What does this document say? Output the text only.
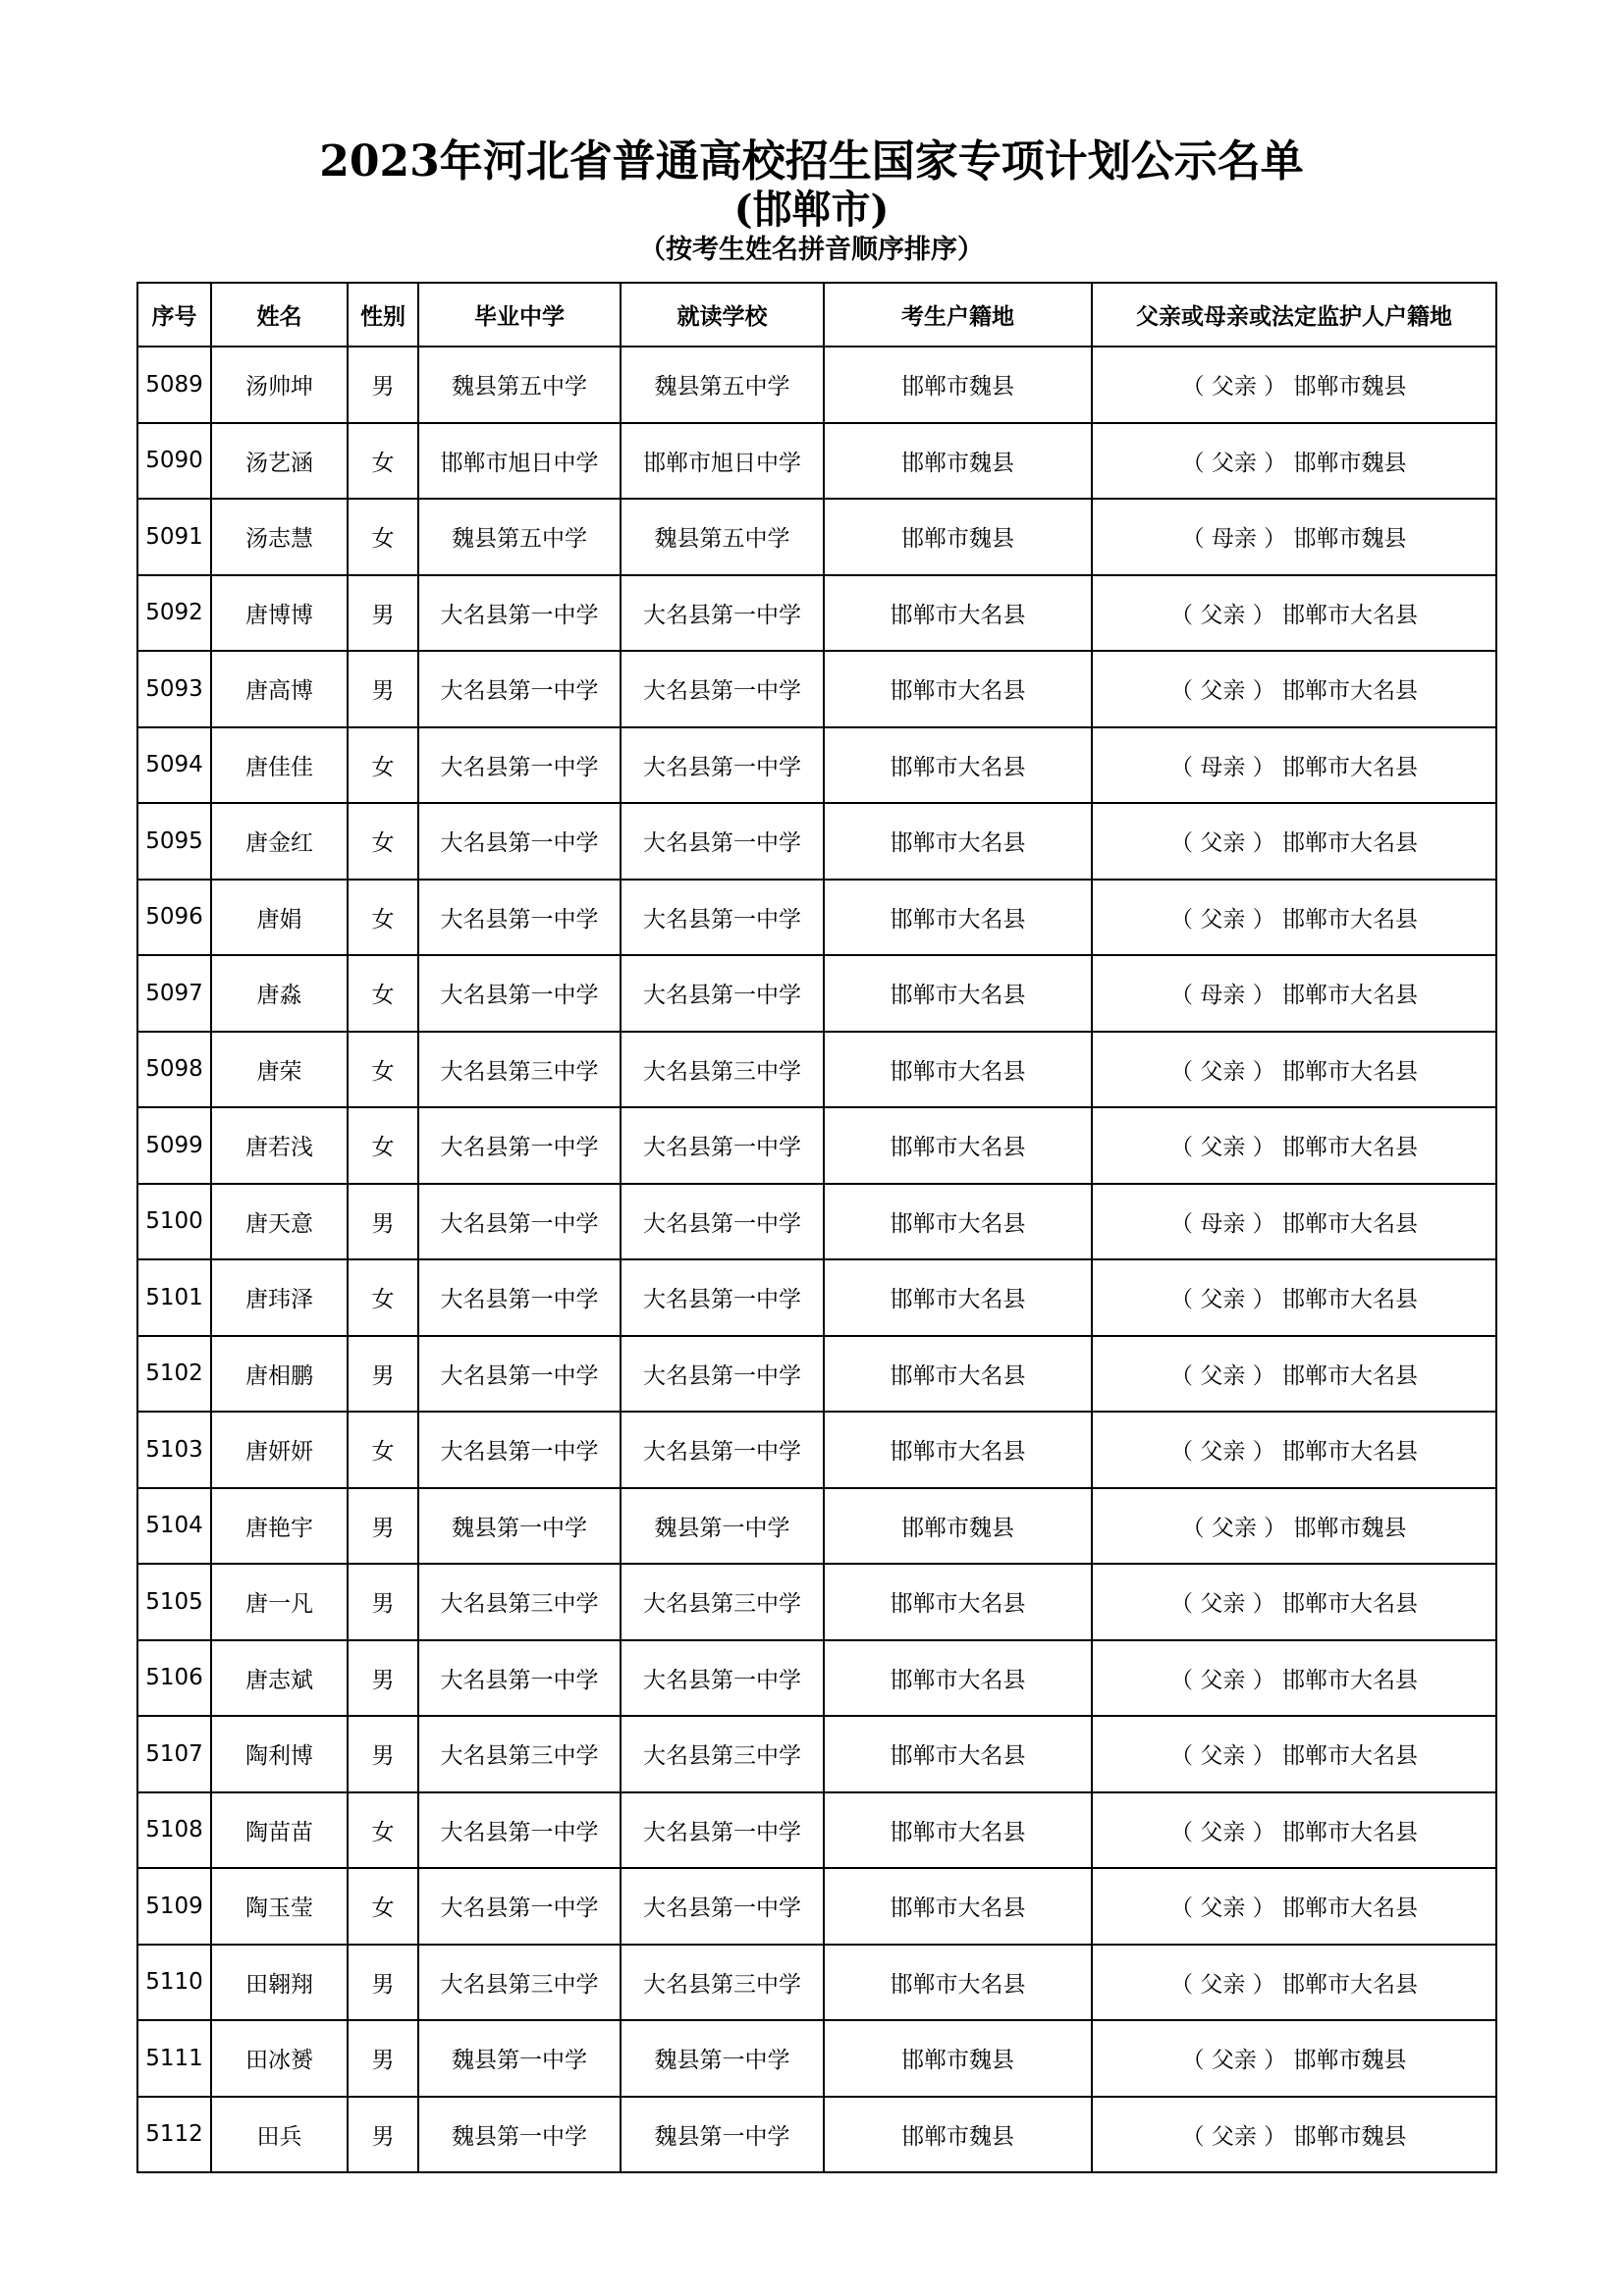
2023年河北省普通高校招生国家专项计划公示名单
(邯郸市)
（按考生姓名拼音顺序排序）
序号	姓名	性别	毕业中学	就读学校	考生户籍地	父亲或母亲或法定监护人户籍地
5089	汤帅坤	男	魏县第五中学	魏县第五中学	邯郸市魏县	（ 父亲 ） 邯郸市魏县
5090	汤艺涵	女	邯郸市旭日中学	邯郸市旭日中学	邯郸市魏县	（ 父亲 ） 邯郸市魏县
5091	汤志慧	女	魏县第五中学	魏县第五中学	邯郸市魏县	（ 母亲 ） 邯郸市魏县
5092	唐博博	男	大名县第一中学	大名县第一中学	邯郸市大名县	（ 父亲 ） 邯郸市大名县
5093	唐高博	男	大名县第一中学	大名县第一中学	邯郸市大名县	（ 父亲 ） 邯郸市大名县
5094	唐佳佳	女	大名县第一中学	大名县第一中学	邯郸市大名县	（ 母亲 ） 邯郸市大名县
5095	唐金红	女	大名县第一中学	大名县第一中学	邯郸市大名县	（ 父亲 ） 邯郸市大名县
5096	唐娟	女	大名县第一中学	大名县第一中学	邯郸市大名县	（ 父亲 ） 邯郸市大名县
5097	唐淼	女	大名县第一中学	大名县第一中学	邯郸市大名县	（ 母亲 ） 邯郸市大名县
5098	唐荣	女	大名县第三中学	大名县第三中学	邯郸市大名县	（ 父亲 ） 邯郸市大名县
5099	唐若浅	女	大名县第一中学	大名县第一中学	邯郸市大名县	（ 父亲 ） 邯郸市大名县
5100	唐天意	男	大名县第一中学	大名县第一中学	邯郸市大名县	（ 母亲 ） 邯郸市大名县
5101	唐玮泽	女	大名县第一中学	大名县第一中学	邯郸市大名县	（ 父亲 ） 邯郸市大名县
5102	唐相鹏	男	大名县第一中学	大名县第一中学	邯郸市大名县	（ 父亲 ） 邯郸市大名县
5103	唐妍妍	女	大名县第一中学	大名县第一中学	邯郸市大名县	（ 父亲 ） 邯郸市大名县
5104	唐艳宇	男	魏县第一中学	魏县第一中学	邯郸市魏县	（ 父亲 ） 邯郸市魏县
5105	唐一凡	男	大名县第三中学	大名县第三中学	邯郸市大名县	（ 父亲 ） 邯郸市大名县
5106	唐志斌	男	大名县第一中学	大名县第一中学	邯郸市大名县	（ 父亲 ） 邯郸市大名县
5107	陶利博	男	大名县第三中学	大名县第三中学	邯郸市大名县	（ 父亲 ） 邯郸市大名县
5108	陶苗苗	女	大名县第一中学	大名县第一中学	邯郸市大名县	（ 父亲 ） 邯郸市大名县
5109	陶玉莹	女	大名县第一中学	大名县第一中学	邯郸市大名县	（ 父亲 ） 邯郸市大名县
5110	田翱翔	男	大名县第三中学	大名县第三中学	邯郸市大名县	（ 父亲 ） 邯郸市大名县
5111	田冰赟	男	魏县第一中学	魏县第一中学	邯郸市魏县	（ 父亲 ） 邯郸市魏县
5112	田兵	男	魏县第一中学	魏县第一中学	邯郸市魏县	（ 父亲 ） 邯郸市魏县
